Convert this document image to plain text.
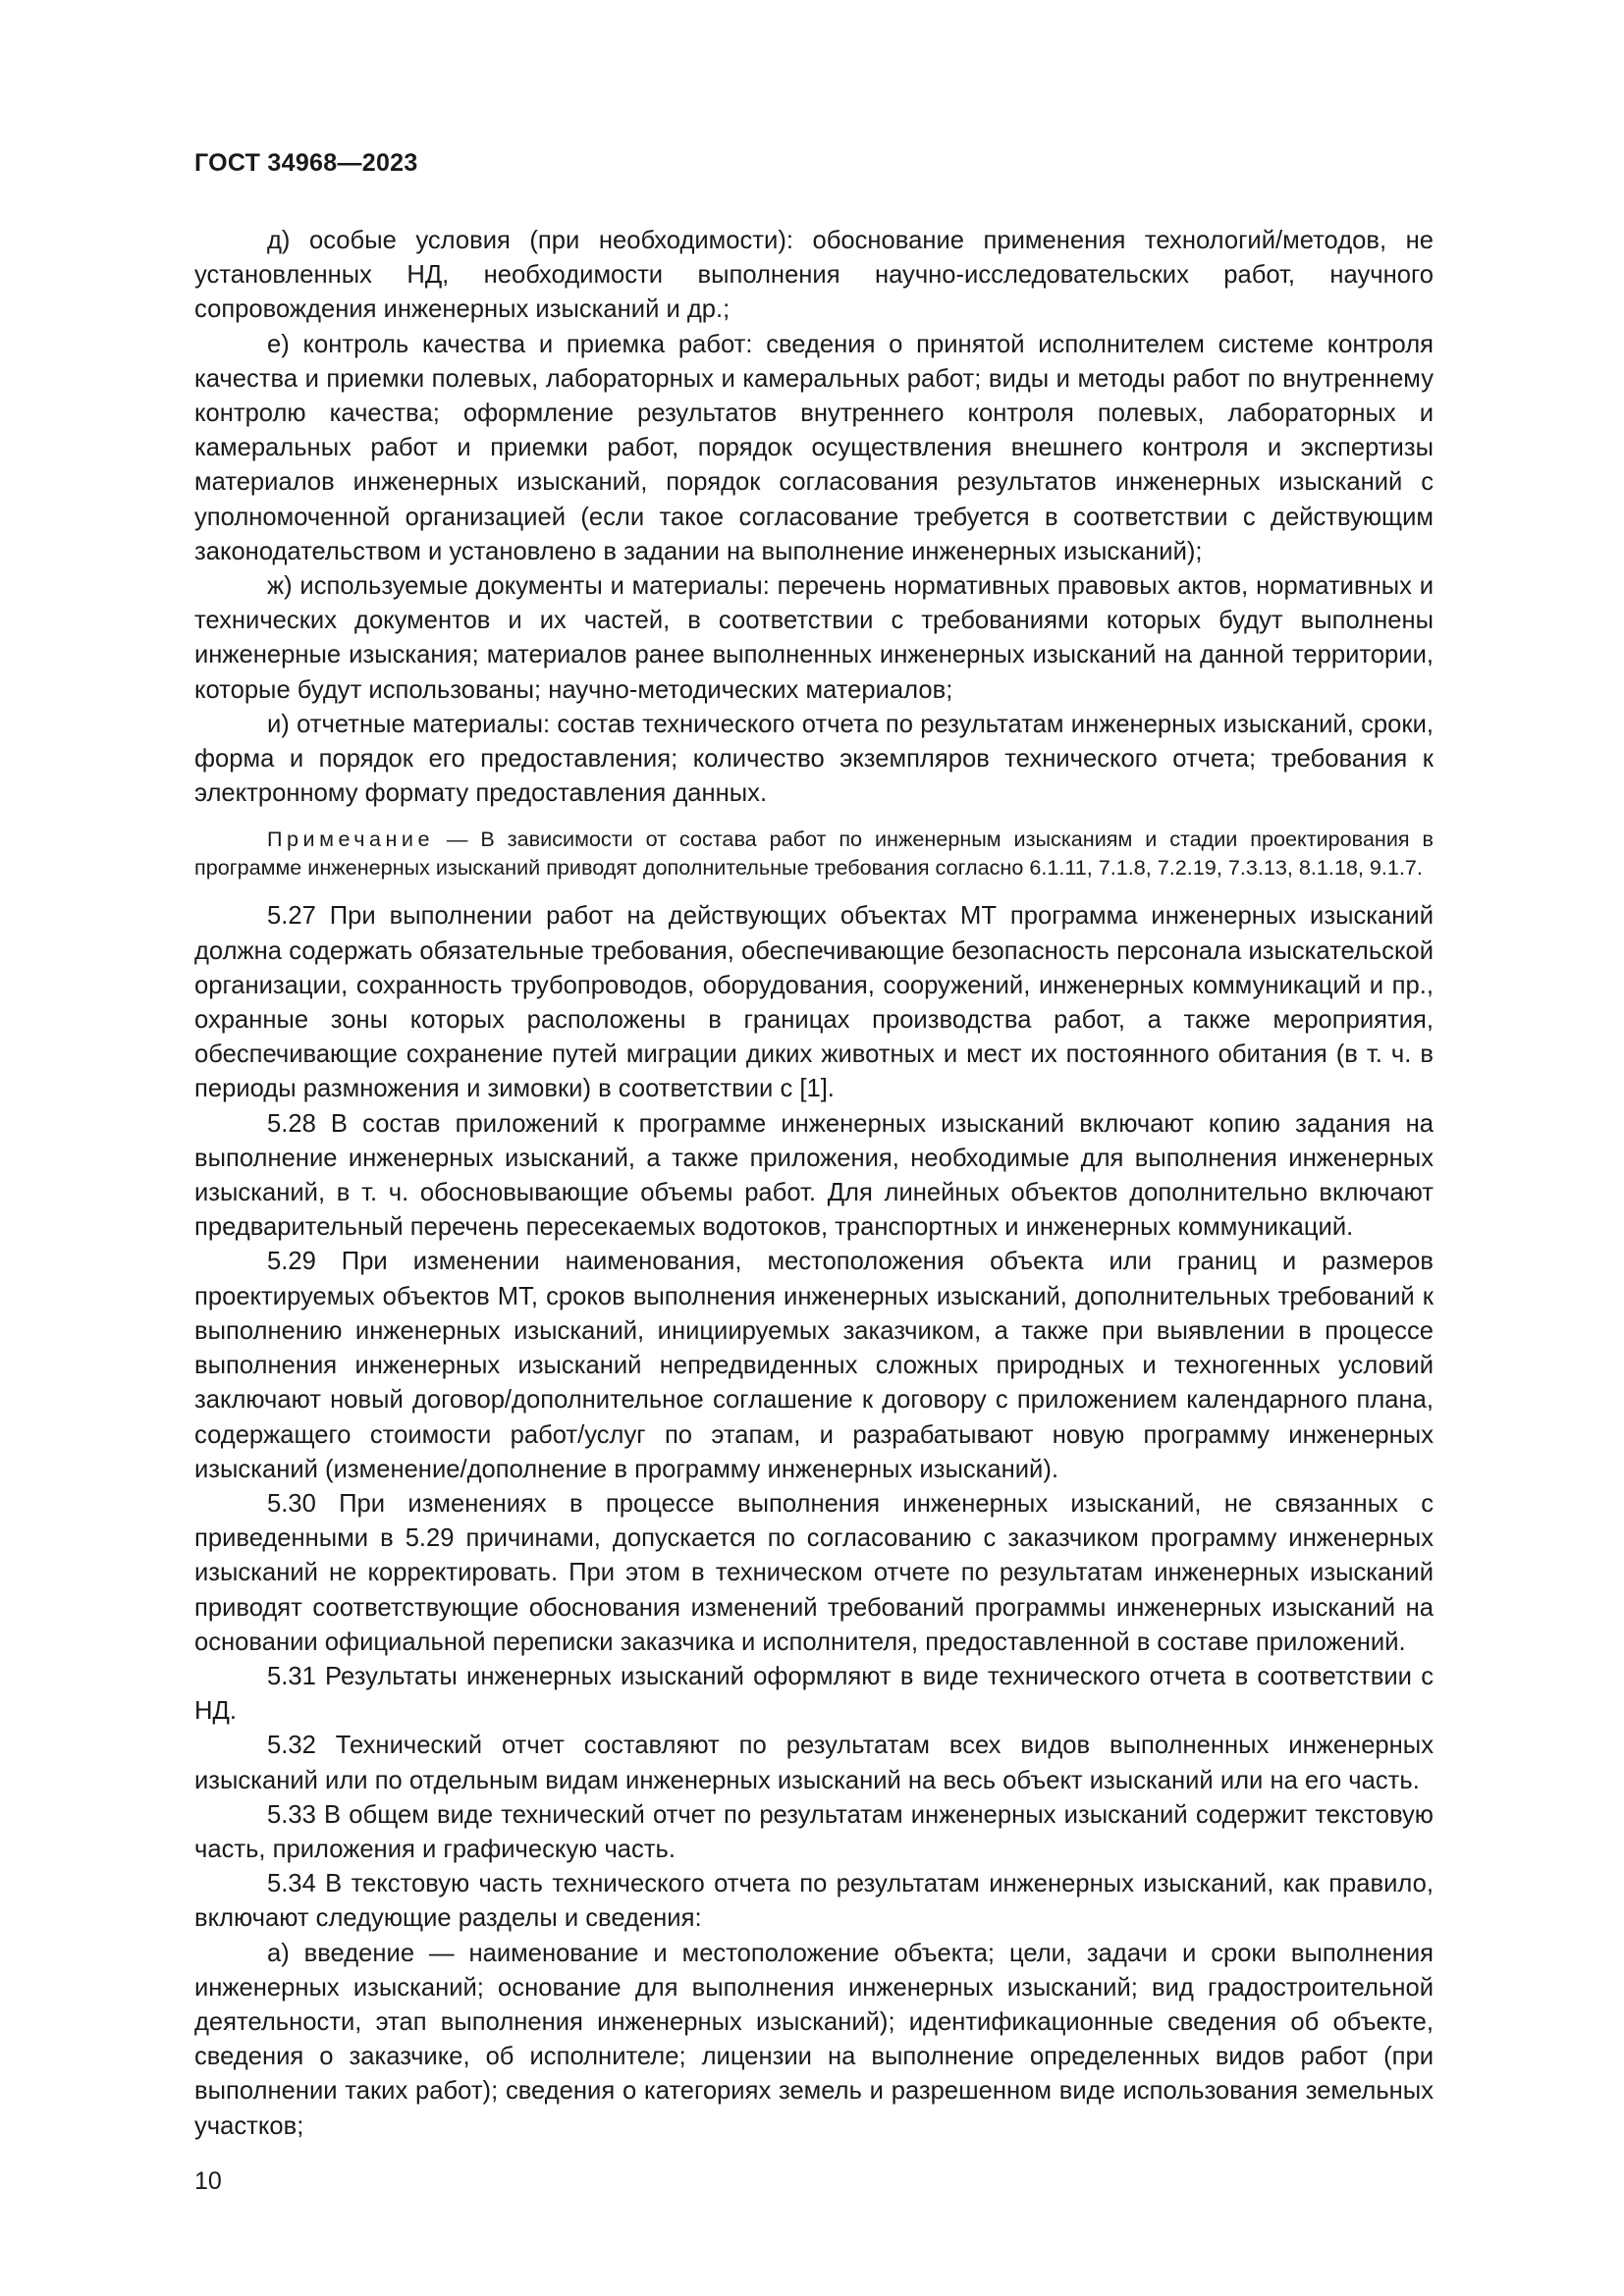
ГОСТ 34968—2023

д) особые условия (при необходимости): обоснование применения технологий/методов, не установленных НД, необходимости выполнения научно-исследовательских работ, научного сопровождения инженерных изысканий и др.;

е) контроль качества и приемка работ: сведения о принятой исполнителем системе контроля качества и приемки полевых, лабораторных и камеральных работ; виды и методы работ по внутреннему контролю качества; оформление результатов внутреннего контроля полевых, лабораторных и камеральных работ и приемки работ, порядок осуществления внешнего контроля и экспертизы материалов инженерных изысканий, порядок согласования результатов инженерных изысканий с уполномоченной организацией (если такое согласование требуется в соответствии с действующим законодательством и установлено в задании на выполнение инженерных изысканий);

ж) используемые документы и материалы: перечень нормативных правовых актов, нормативных и технических документов и их частей, в соответствии с требованиями которых будут выполнены инженерные изыскания; материалов ранее выполненных инженерных изысканий на данной территории, которые будут использованы; научно-методических материалов;

и) отчетные материалы: состав технического отчета по результатам инженерных изысканий, сроки, форма и порядок его предоставления; количество экземпляров технического отчета; требования к электронному формату предоставления данных.

Примечание — В зависимости от состава работ по инженерным изысканиям и стадии проектирования в программе инженерных изысканий приводят дополнительные требования согласно 6.1.11, 7.1.8, 7.2.19, 7.3.13, 8.1.18, 9.1.7.

5.27 При выполнении работ на действующих объектах МТ программа инженерных изысканий должна содержать обязательные требования, обеспечивающие безопасность персонала изыскательской организации, сохранность трубопроводов, оборудования, сооружений, инженерных коммуникаций и пр., охранные зоны которых расположены в границах производства работ, а также мероприятия, обеспечивающие сохранение путей миграции диких животных и мест их постоянного обитания (в т. ч. в периоды размножения и зимовки) в соответствии с [1].

5.28 В состав приложений к программе инженерных изысканий включают копию задания на выполнение инженерных изысканий, а также приложения, необходимые для выполнения инженерных изысканий, в т. ч. обосновывающие объемы работ. Для линейных объектов дополнительно включают предварительный перечень пересекаемых водотоков, транспортных и инженерных коммуникаций.

5.29 При изменении наименования, местоположения объекта или границ и размеров проектируемых объектов МТ, сроков выполнения инженерных изысканий, дополнительных требований к выполнению инженерных изысканий, инициируемых заказчиком, а также при выявлении в процессе выполнения инженерных изысканий непредвиденных сложных природных и техногенных условий заключают новый договор/дополнительное соглашение к договору с приложением календарного плана, содержащего стоимости работ/услуг по этапам, и разрабатывают новую программу инженерных изысканий (изменение/дополнение в программу инженерных изысканий).

5.30 При изменениях в процессе выполнения инженерных изысканий, не связанных с приведенными в 5.29 причинами, допускается по согласованию с заказчиком программу инженерных изысканий не корректировать. При этом в техническом отчете по результатам инженерных изысканий приводят соответствующие обоснования изменений требований программы инженерных изысканий на основании официальной переписки заказчика и исполнителя, предоставленной в составе приложений.

5.31 Результаты инженерных изысканий оформляют в виде технического отчета в соответствии с НД.

5.32 Технический отчет составляют по результатам всех видов выполненных инженерных изысканий или по отдельным видам инженерных изысканий на весь объект изысканий или на его часть.

5.33 В общем виде технический отчет по результатам инженерных изысканий содержит текстовую часть, приложения и графическую часть.

5.34 В текстовую часть технического отчета по результатам инженерных изысканий, как правило, включают следующие разделы и сведения:

а) введение — наименование и местоположение объекта; цели, задачи и сроки выполнения инженерных изысканий; основание для выполнения инженерных изысканий; вид градостроительной деятельности, этап выполнения инженерных изысканий); идентификационные сведения об объекте, сведения о заказчике, об исполнителе; лицензии на выполнение определенных видов работ (при выполнении таких работ); сведения о категориях земель и разрешенном виде использования земельных участков;

10
